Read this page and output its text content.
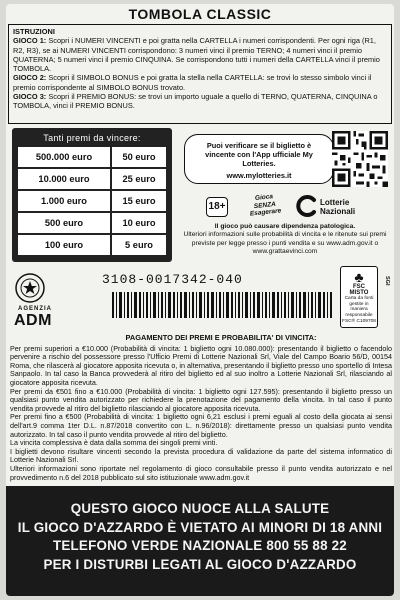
TOMBOLA CLASSIC
ISTRUZIONI

GIOCO 1: Scopri i NUMERI VINCENTI e poi gratta nella CARTELLA i numeri corrispondenti. Per ogni riga (R1, R2, R3), se ai NUMERI VINCENTI corrispondono: 3 numeri vinci il premio TERNO; 4 numeri vinci il premio QUATERNA; 5 numeri vinci il premio CINQUINA. Se corrispondono tutti i numeri della CARTELLA vinci il premio TOMBOLA.

GIOCO 2: Scopri il SIMBOLO BONUS e poi gratta la stella nella CARTELLA: se trovi lo stesso simbolo vinci il premio corrispondente al SIMBOLO BONUS trovato.

GIOCO 3: Scopri il PREMIO BONUS: se trovi un importo uguale a quello di TERNO, QUATERNA, CINQUINA o TOMBOLA, vinci il PREMIO BONUS.

Tanti premi da vincere:
500.000 euro	50 euro
10.000 euro	25 euro
1.000 euro	15 euro
500 euro	10 euro
100 euro	5 euro
Puoi verificare se il biglietto è vincente con l'App ufficiale My Lotteries.
www.mylotteries.it
18+
Gioca
SENZA
Esagerare
Lotterie
Nazionali
Il gioco può causare dipendenza patologica.
Ulteriori informazioni sulle probabilità di vincita e le ritenute sui premi previste per legge presso i punti vendita e su www.adm.gov.it o www.grattaevinci.com
AGENZIA
ADM
3108-0017342-040	♣
FSC
MISTO
Carta da fonti gestite in maniera responsabile
FSC® C109708
SGI
PAGAMENTO DEI PREMI E PROBABILITA' DI VINCITA:

Per premi superiori a €10.000 (Probabilità di vincita: 1 biglietto ogni 10.080.000): presentando il biglietto o facendolo pervenire a rischio del possessore presso l'Ufficio Premi di Lotterie Nazionali Srl, Viale del Campo Boario 56/D, 00154 Roma, che rilascerà al giocatore apposita ricevuta o, in alternativa, presentando il biglietto presso uno sportello di Intesa Sanpaolo. In tal caso la Banca provvederà al ritiro del biglietto ed al suo inoltro a Lotterie Nazionali Srl, rilasciando al giocatore apposita ricevuta.

Per premi da €501 fino a €10.000 (Probabilità di vincita: 1 biglietto ogni 127.595): presentando il biglietto presso un qualsiasi punto vendita autorizzato per richiedere la prenotazione del pagamento della vincita. In tal caso il punto vendita provvede al ritiro del biglietto rilasciando al giocatore apposita ricevuta.

Per premi fino a €500 (Probabilità di vincita: 1 biglietto ogni 6,21 esclusi i premi eguali al costo della giocata ai sensi dell'art.9 comma 1ter D.L. n.87/2018 convertito con L. n.96/2018): direttamente presso un qualsiasi punto vendita autorizzato. In tal caso il punto vendita provvede al ritiro del biglietto.

La vincita complessiva è data dalla somma dei singoli premi vinti.

I biglietti devono risultare vincenti secondo la prevista procedura di validazione da parte del sistema informatico di Lotterie Nazionali Srl.

Ulteriori informazioni sono riportate nel regolamento di gioco consultabile presso il punto vendita autorizzato e nel provvedimento n.6 del 2018 pubblicato sul sito istituzionale www.adm.gov.it

QUESTO GIOCO NUOCE ALLA SALUTE
IL GIOCO D'AZZARDO È VIETATO AI MINORI DI 18 ANNI
TELEFONO VERDE NAZIONALE 800 55 88 22
PER I DISTURBI LEGATI AL GIOCO D'AZZARDO
